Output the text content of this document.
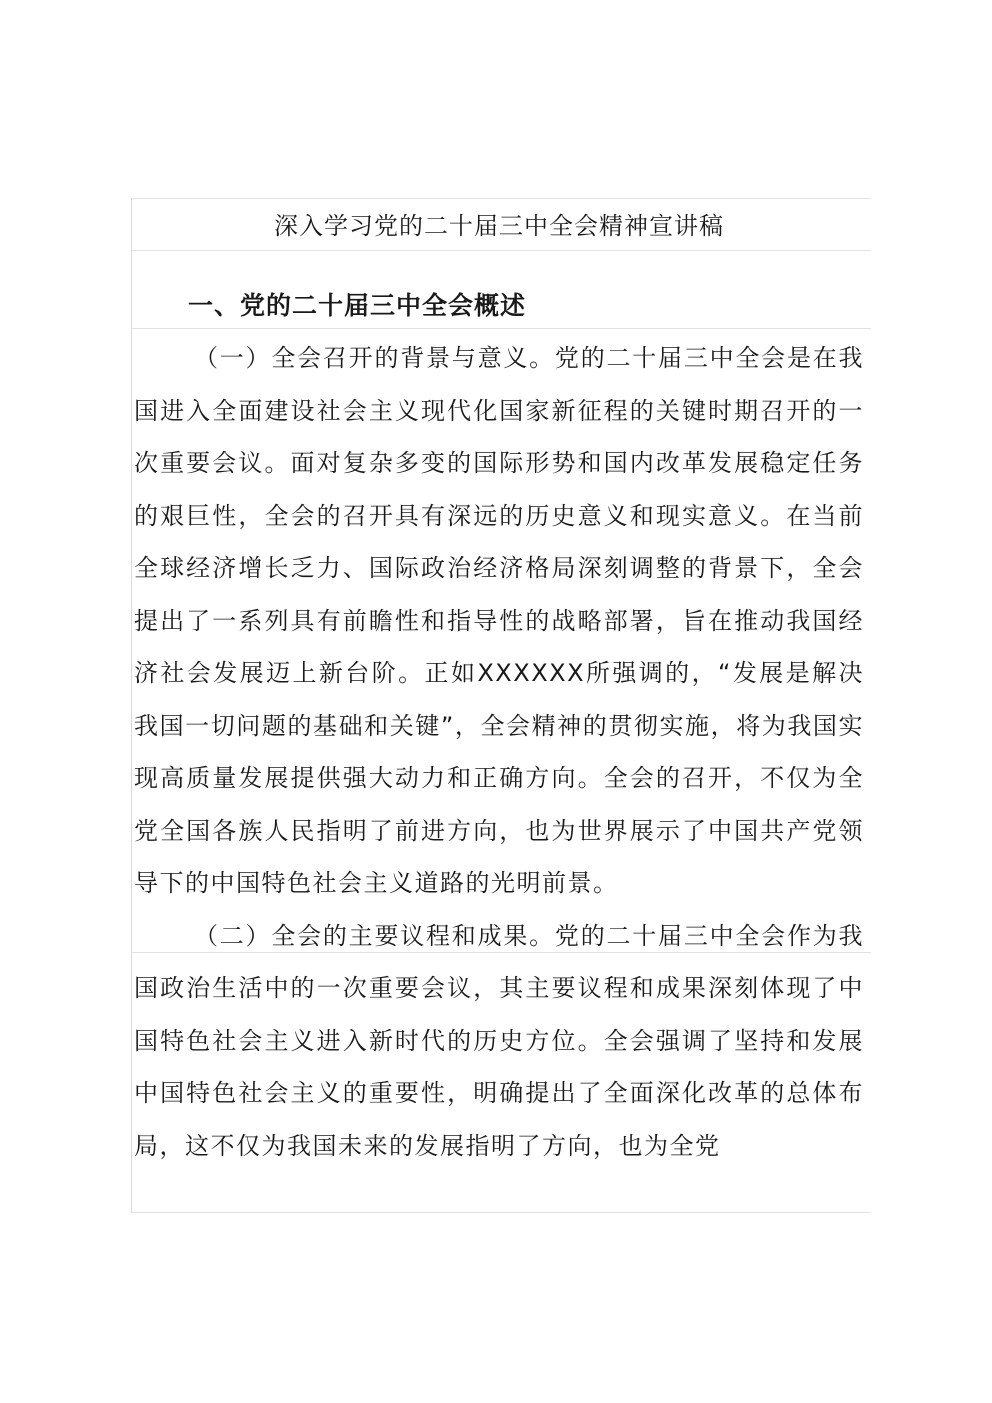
深入学习党的二十届三中全会精神宣讲稿
一、党的二十届三中全会概述

（一）全会召开的背景与意义。党的二十届三中全会是在我国进入全面建设社会主义现代化国家新征程的关键时期召开的一次重要会议。面对复杂多变的国际形势和国内改革发展稳定任务的艰巨性，全会的召开具有深远的历史意义和现实意义。在当前全球经济增长乏力、国际政治经济格局深刻调整的背景下，全会提出了一系列具有前瞻性和指导性的战略部署，旨在推动我国经济社会发展迈上新台阶。正如XXXXXX所强调的，“发展是解决我国一切问题的基础和关键”，全会精神的贯彻实施，将为我国实现高质量发展提供强大动力和正确方向。全会的召开，不仅为全党全国各族人民指明了前进方向，也为世界展示了中国共产党领导下的中国特色社会主义道路的光明前景。

（二）全会的主要议程和成果。党的二十届三中全会作为我国政治生活中的一次重要会议，其主要议程和成果深刻体现了中国特色社会主义进入新时代的历史方位。全会强调了坚持和发展中国特色社会主义的重要性，明确提出了全面深化改革的总体布局，这不仅为我国未来的发展指明了方向，也为全党
